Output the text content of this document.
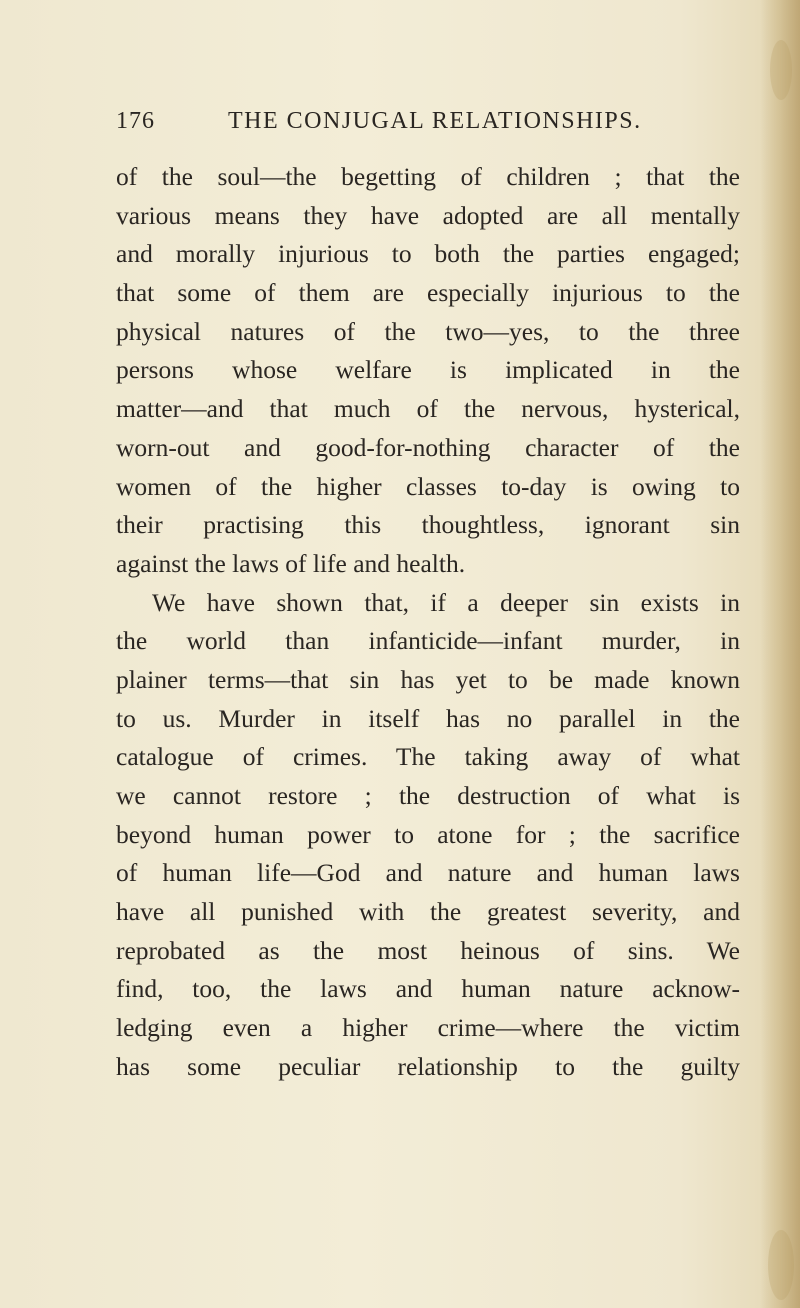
176	THE CONJUGAL RELATIONSHIPS.
of the soul—the begetting of children ; that the
various means they have adopted are all mentally
and morally injurious to both the parties engaged;
that some of them are especially injurious to the
physical natures of the two—yes, to the three
persons whose welfare is implicated in the
matter—and that much of the nervous, hysterical,
worn-out and good-for-nothing character of the
women of the higher classes to-day is owing to
their practising this thoughtless, ignorant sin
against the laws of life and health.
We have shown that, if a deeper sin exists in
the world than infanticide—infant murder, in
plainer terms—that sin has yet to be made known
to us. Murder in itself has no parallel in the
catalogue of crimes. The taking away of what
we cannot restore ; the destruction of what is
beyond human power to atone for ; the sacrifice
of human life—God and nature and human laws
have all punished with the greatest severity, and
reprobated as the most heinous of sins. We
find, too, the laws and human nature acknow-
ledging even a higher crime—where the victim
has some peculiar relationship to the guilty
